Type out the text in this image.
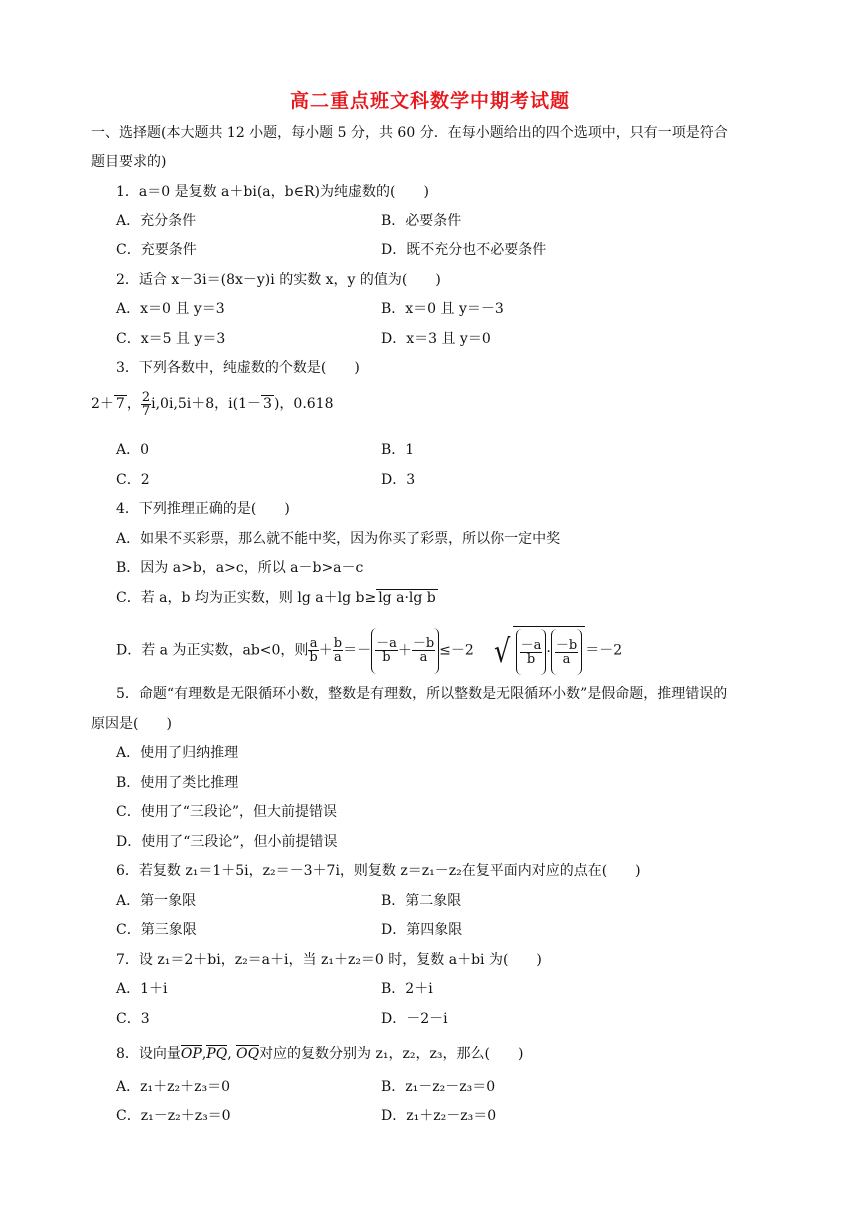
高二重点班文科数学中期考试题
一、选择题(本大题共 12 小题，每小题 5 分，共 60 分．在每小题给出的四个选项中，只有一项是符合
题目要求的)
1．a＝0 是复数 a＋bi(a，b∈R)为纯虚数的(　　)
A．充分条件	B．必要条件
C．充要条件	D．既不充分也不必要条件
2．适合 x－3i＝(8x－y)i 的实数 x，y 的值为(　　)
A．x＝0 且 y＝3	B．x＝0 且 y＝－3
C．x＝5 且 y＝3	D．x＝3 且 y＝0
3．下列各数中，纯虚数的个数是(　　)
2＋ 7 ， $\frac{2}{7} i,0i,5i+8$，i(1－ 3 )，0.618
A．0	B．1
C．2	D．3
4．下列推理正确的是(　　)
A．如果不买彩票，那么就不能中奖，因为你买了彩票，所以你一定中奖
B．因为 a>b，a>c，所以 a－b>a－c
C．若 a，b 均为正实数，则 lg a＋lg b≥ lg a·lg b
D．若 a 为正实数，ab<0，则 $\frac{a}{b} + \frac{b}{a} =- \frac{-a}{b} + \frac{-b}{a} \le-2$ √ $\frac{-a}{b} \cdot \frac{-b}{a} =-2$
5．命题“有理数是无限循环小数，整数是有理数，所以整数是无限循环小数”是假命题，推理错误的
原因是(　　)
A．使用了归纳推理
B．使用了类比推理
C．使用了“三段论”，但大前提错误
D．使用了“三段论”，但小前提错误
6．若复数 z₁＝1＋5i，z₂＝－3＋7i，则复数 z＝z₁－z₂在复平面内对应的点在(　　)
A．第一象限	B．第二象限
C．第三象限	D．第四象限
7．设 z₁＝2＋bi，z₂＝a＋i，当 z₁＋z₂＝0 时，复数 a＋bi 为(　　)
A．1＋i	B．2＋i
C．3	D．－2－i
8．设向量OP,PQ, OQ对应的复数分别为 z₁，z₂，z₃，那么(　　)
A．z₁＋z₂＋z₃＝0	B．z₁－z₂－z₃＝0
C．z₁－z₂＋z₃＝0	D．z₁＋z₂－z₃＝0
